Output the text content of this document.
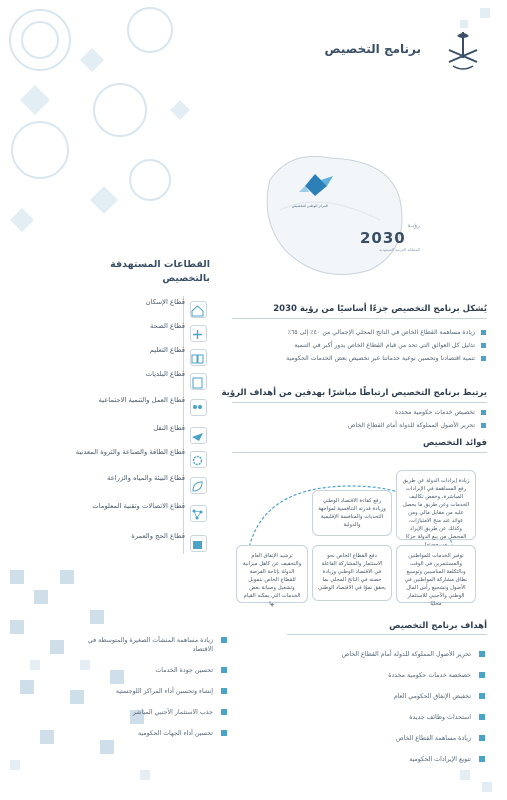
برنامج التخصيص
المركز الوطني للتخصيص
رؤيـة
2030
المملكة العربية السعودية
القطاعات المستهدفة بالتخصيص
قطاع الإسكان
قطاع الصحة
قطاع التعليم
قطاع البلديات
قطاع العمل والتنمية الاجتماعية
قطاع النقل
قطاع الطاقة والصناعة والثروة المعدنية
قطاع البيئة والمياه والزراعة
قطاع الاتصالات وتقنية المعلومات
قطاع الحج والعمرة
يُشكل برنامج التخصيص جزءًا أساسيًا من رؤية 2030
زيادة مساهمة القطاع الخاص في الناتج المحلي الإجمالي من ٤٠٪ إلى ٦٥٪
تذليل كل العوائق التي تحد من قيام القطاع الخاص بدور أكبر في التنمية
تنمية اقتصادنا وتحسين نوعية خدماتنا عبر تخصيص بعض الخدمات الحكومية
يرتبط برنامج التخصيص ارتباطًا مباشرًا بهدفين من أهداف الرؤية
تخصيص خدمات حكومية محددة
تحرير الأصول المملوكة للدولة أمام القطاع الخاص
فوائد التخصيص
زيادة إيرادات الدولة عن طريق رفع المساهمة في الإيرادات المباشرة، وخفض تكاليف الخدمات وعن طريق ما يحصل عليه من مقابل مالي ومن عوائد عند منح الامتيازات، وكذلك عن طريق الإيراد المحصل من بيع الدولة جزءًا
رفع كفاءة الاقتصاد الوطني وزيادة قدرته التنافسية لمواجهة التحديات والمنافسة الإقليمية والدولية
توفير الخدمات للمواطنين والمستثمرين في الوقت وبالتكلفة المناسبين وتوسيع نطاق مشاركة المواطنين في الأصول وتشجيع رأس المال الوطني والأجنبي للاستثمار محليًا
دفع القطاع الخاص نحو الاستثمار والمشاركة الفاعلة في الاقتصاد الوطني وزيادة حصته في الناتج المحلي بما يحقق نموًا في الاقتصاد الوطني
ترشيد الإنفاق العام والتخفيف عن كاهل ميزانية الدولة بإتاحة الفرصة للقطاع الخاص بتمويل وتشغيل وصيانة بعض الخدمات التي يمكنه القيام بها
أهداف برنامج التخصيص
تحرير الأصول المملوكة للدولة أمام القطاع الخاص
خصخصة خدمات حكومية محددة
تخفيض الإنفاق الحكومي العام
استحداث وظائف جديدة
زيادة مساهمة القطاع الخاص
تنويع الإيرادات الحكومية
زيادة مساهمة المنشآت الصغيرة والمتوسطة في الاقتصاد
تحسين جودة الخدمات
إنشاء وتحسين أداء المراكز اللوجستية
جذب الاستثمار الأجنبي المباشر
تحسين أداء الجهات الحكومية
